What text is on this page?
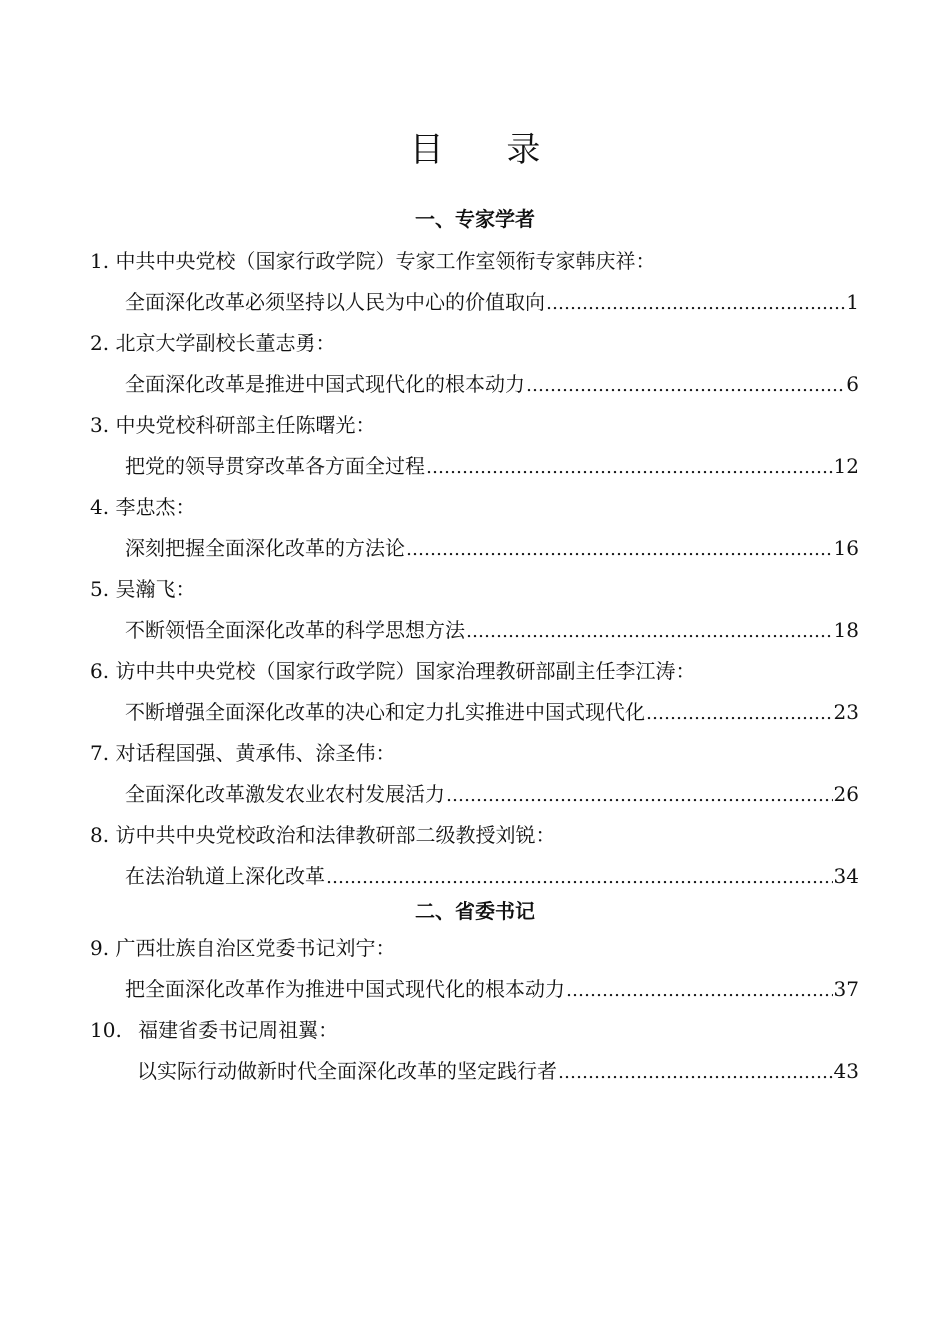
目 录
一、专家学者
1. 中共中央党校（国家行政学院）专家工作室领衔专家韩庆祥：
全面深化改革必须坚持以人民为中心的价值取向 ……………………………………………………………………………………………………………………………………………………	1
2. 北京大学副校长董志勇：
全面深化改革是推进中国式现代化的根本动力 ……………………………………………………………………………………………………………………………………………………	6
3. 中央党校科研部主任陈曙光：
把党的领导贯穿改革各方面全过程 ……………………………………………………………………………………………………………………………………………………	12
4. 李忠杰：
深刻把握全面深化改革的方法论 ……………………………………………………………………………………………………………………………………………………	16
5. 吴瀚飞：
不断领悟全面深化改革的科学思想方法 ……………………………………………………………………………………………………………………………………………………	18
6. 访中共中央党校（国家行政学院）国家治理教研部副主任李江涛：
不断增强全面深化改革的决心和定力扎实推进中国式现代化 ……………………………………………………………………………………………………………………………………………………	23
7. 对话程国强、黄承伟、涂圣伟：
全面深化改革激发农业农村发展活力 ……………………………………………………………………………………………………………………………………………………	26
8. 访中共中央党校政治和法律教研部二级教授刘锐：
在法治轨道上深化改革 ……………………………………………………………………………………………………………………………………………………	34
二、省委书记
9. 广西壮族自治区党委书记刘宁：
把全面深化改革作为推进中国式现代化的根本动力 ……………………………………………………………………………………………………………………………………………………	37
10. 福建省委书记周祖翼：
以实际行动做新时代全面深化改革的坚定践行者 ……………………………………………………………………………………………………………………………………………………	43
